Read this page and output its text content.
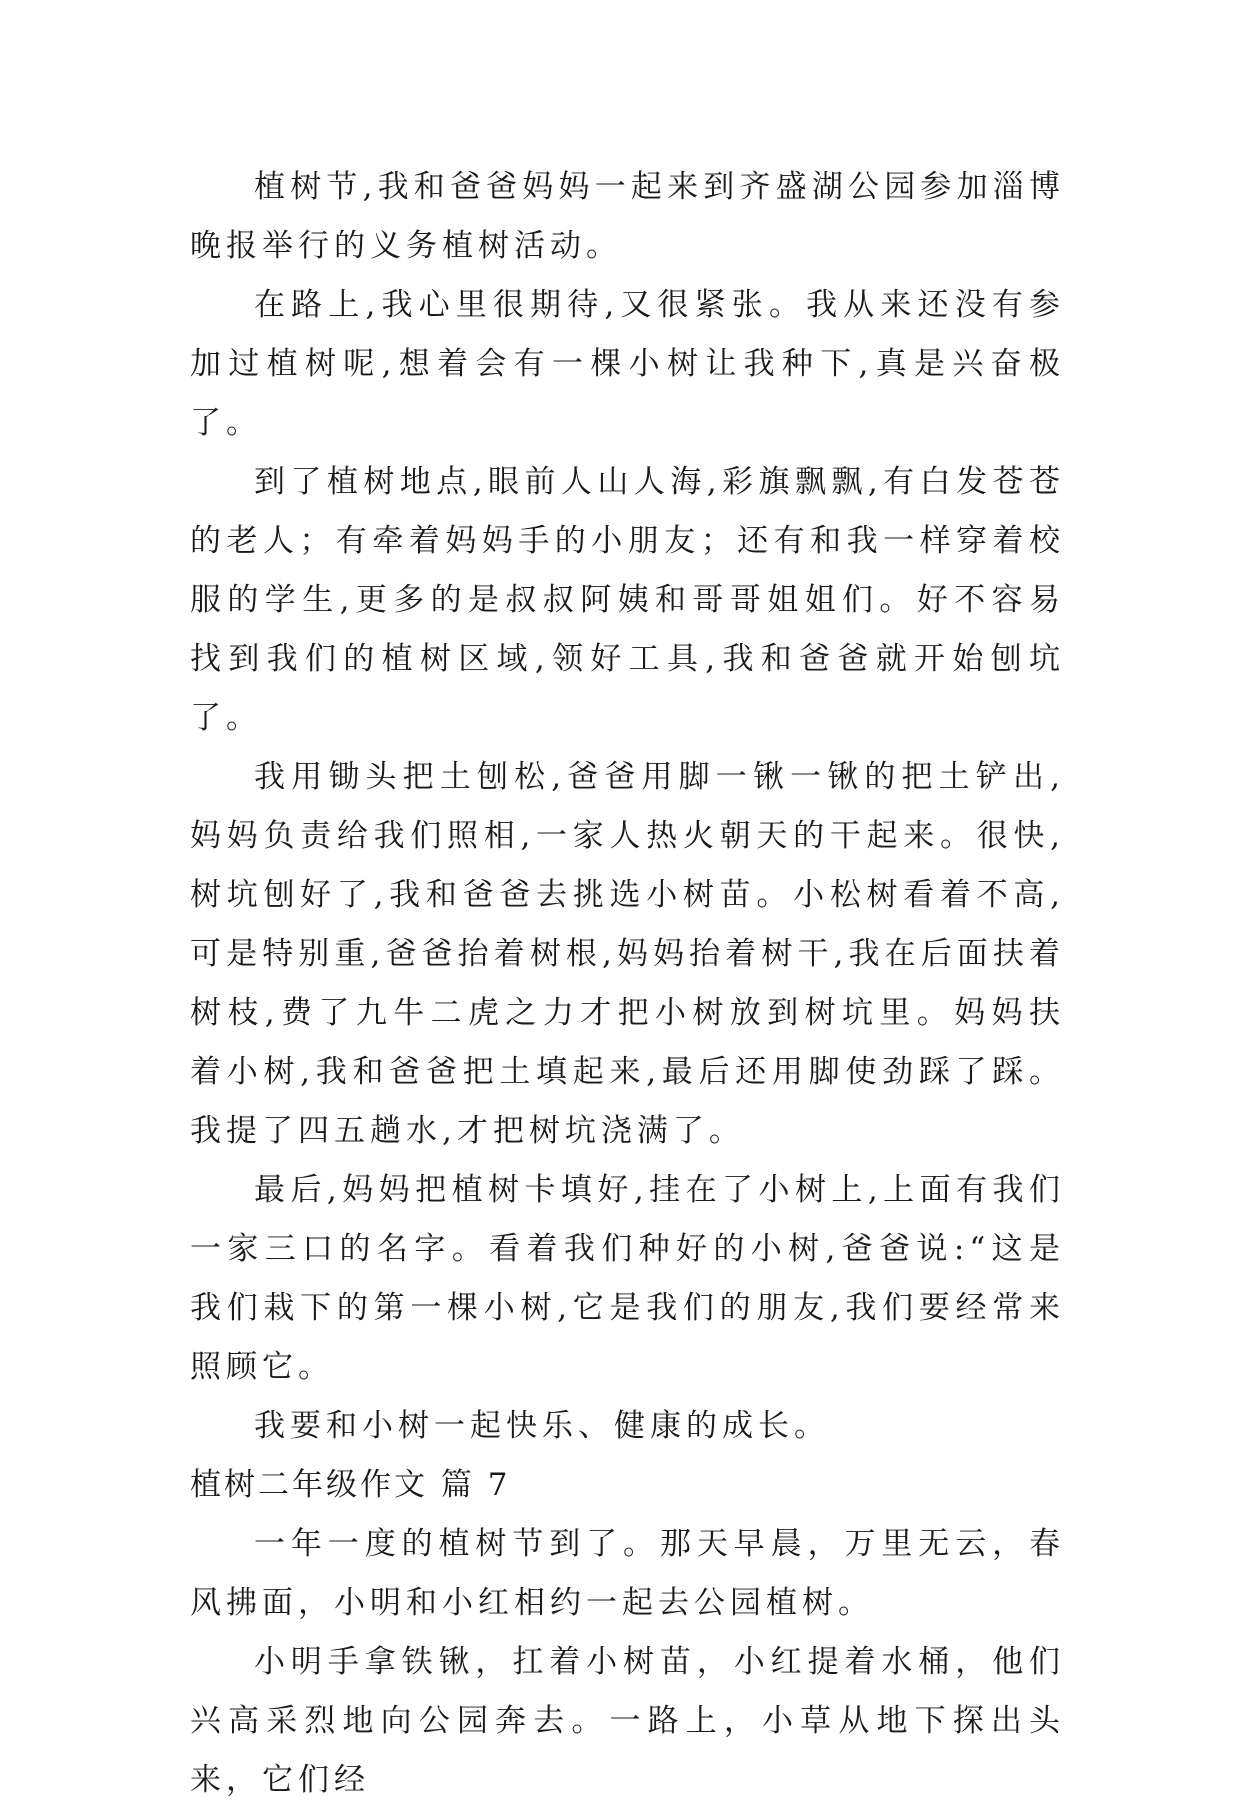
植树节,我和爸爸妈妈一起来到齐盛湖公园参加淄博晚报举行的义务植树活动。

在路上,我心里很期待,又很紧张。我从来还没有参加过植树呢,想着会有一棵小树让我种下,真是兴奋极了。

到了植树地点,眼前人山人海,彩旗飘飘,有白发苍苍的老人；有牵着妈妈手的小朋友；还有和我一样穿着校服的学生,更多的是叔叔阿姨和哥哥姐姐们。好不容易找到我们的植树区域,领好工具,我和爸爸就开始刨坑了。

我用锄头把土刨松,爸爸用脚一锹一锹的把土铲出,妈妈负责给我们照相,一家人热火朝天的干起来。很快,树坑刨好了,我和爸爸去挑选小树苗。小松树看着不高,可是特别重,爸爸抬着树根,妈妈抬着树干,我在后面扶着树枝,费了九牛二虎之力才把小树放到树坑里。妈妈扶着小树,我和爸爸把土填起来,最后还用脚使劲踩了踩。我提了四五趟水,才把树坑浇满了。

最后,妈妈把植树卡填好,挂在了小树上,上面有我们一家三口的名字。看着我们种好的小树,爸爸说:“这是我们栽下的第一棵小树,它是我们的朋友,我们要经常来照顾它。

我要和小树一起快乐、健康的成长。

植树二年级作文 篇 7

一年一度的植树节到了。那天早晨，万里无云，春风拂面，小明和小红相约一起去公园植树。

小明手拿铁锹，扛着小树苗，小红提着水桶，他们兴高采烈地向公园奔去。一路上，小草从地下探出头来，它们经
